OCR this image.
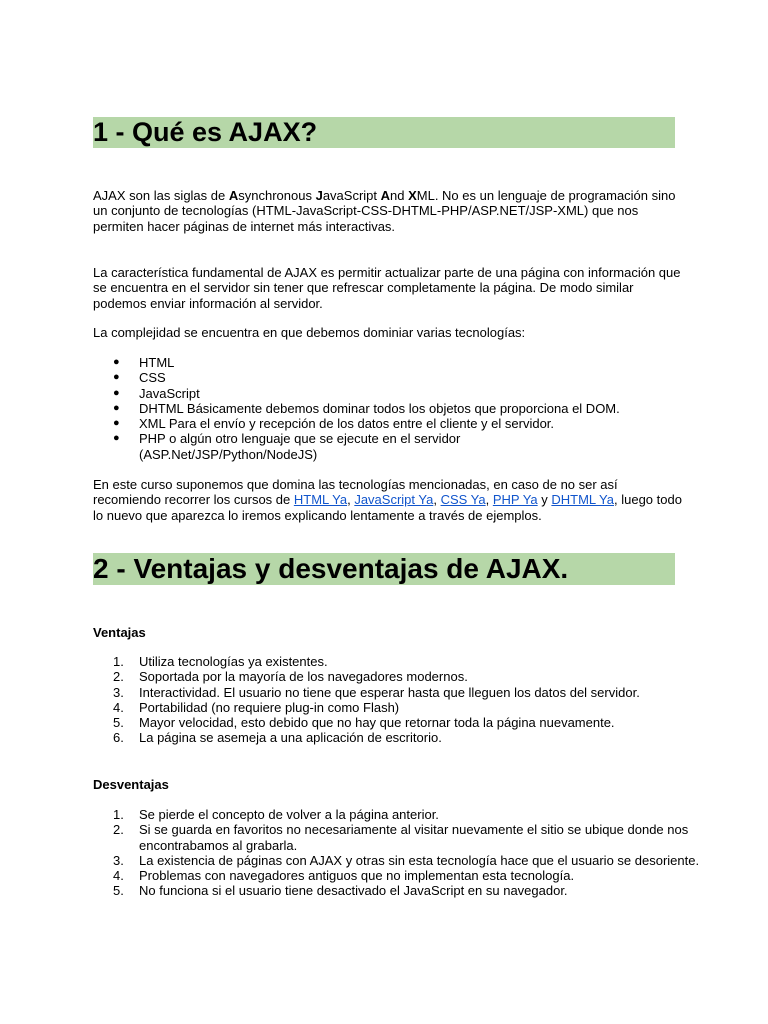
1 - Qué es AJAX?
AJAX son las siglas de Asynchronous JavaScript And XML. No es un lenguaje de programación sino un conjunto de tecnologías (HTML-JavaScript-CSS-DHTML-PHP/ASP.NET/JSP-XML) que nos permiten hacer páginas de internet más interactivas.
La característica fundamental de AJAX es permitir actualizar parte de una página con información que se encuentra en el servidor sin tener que refrescar completamente la página. De modo similar podemos enviar información al servidor.
La complejidad se encuentra en que debemos dominiar varias tecnologías:
● HTML
● CSS
● JavaScript
● DHTML Básicamente debemos dominar todos los objetos que proporciona el DOM.
● XML Para el envío y recepción de los datos entre el cliente y el servidor.
● PHP o algún otro lenguaje que se ejecute en el servidor (ASP.Net/JSP/Python/NodeJS)
En este curso suponemos que domina las tecnologías mencionadas, en caso de no ser así recomiendo recorrer los cursos de HTML Ya, JavaScript Ya, CSS Ya, PHP Ya y DHTML Ya, luego todo lo nuevo que aparezca lo iremos explicando lentamente a través de ejemplos.
2 - Ventajas y desventajas de AJAX.
Ventajas
1. Utiliza tecnologías ya existentes.
2. Soportada por la mayoría de los navegadores modernos.
3. Interactividad. El usuario no tiene que esperar hasta que lleguen los datos del servidor.
4. Portabilidad (no requiere plug-in como Flash)
5. Mayor velocidad, esto debido que no hay que retornar toda la página nuevamente.
6. La página se asemeja a una aplicación de escritorio.
Desventajas
1. Se pierde el concepto de volver a la página anterior.
2. Si se guarda en favoritos no necesariamente al visitar nuevamente el sitio se ubique donde nos encontrabamos al grabarla.
3. La existencia de páginas con AJAX y otras sin esta tecnología hace que el usuario se desoriente.
4. Problemas con navegadores antiguos que no implementan esta tecnología.
5. No funciona si el usuario tiene desactivado el JavaScript en su navegador.
